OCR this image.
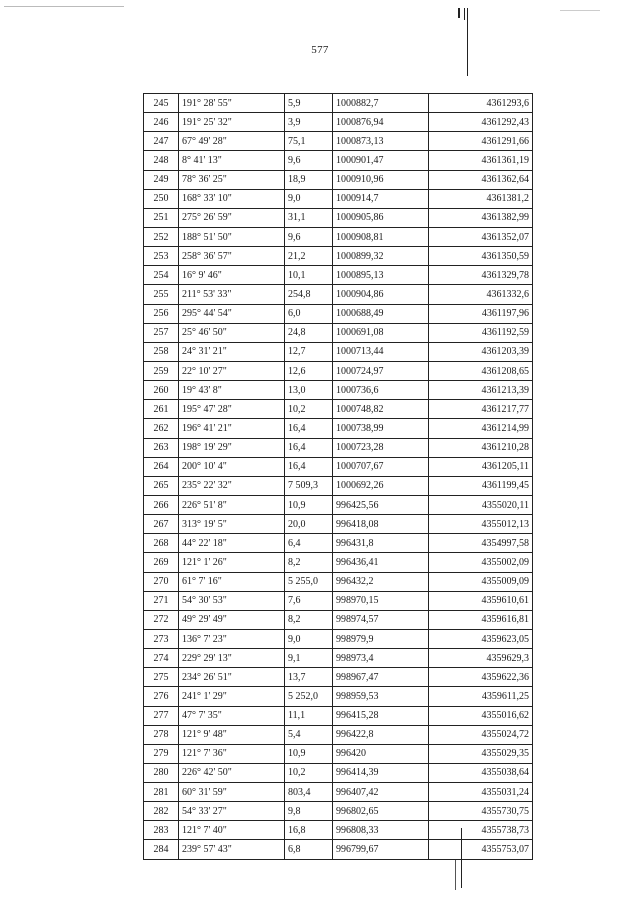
577
245	191° 28' 55"	5,9	1000882,7	4361293,6
246	191° 25' 32"	3,9	1000876,94	4361292,43
247	67° 49' 28"	75,1	1000873,13	4361291,66
248	8° 41' 13"	9,6	1000901,47	4361361,19
249	78° 36' 25"	18,9	1000910,96	4361362,64
250	168° 33' 10"	9,0	1000914,7	4361381,2
251	275° 26' 59"	31,1	1000905,86	4361382,99
252	188° 51' 50"	9,6	1000908,81	4361352,07
253	258° 36' 57"	21,2	1000899,32	4361350,59
254	16° 9' 46"	10,1	1000895,13	4361329,78
255	211° 53' 33"	254,8	1000904,86	4361332,6
256	295° 44' 54"	6,0	1000688,49	4361197,96
257	25° 46' 50"	24,8	1000691,08	4361192,59
258	24° 31' 21"	12,7	1000713,44	4361203,39
259	22° 10' 27"	12,6	1000724,97	4361208,65
260	19° 43' 8"	13,0	1000736,6	4361213,39
261	195° 47' 28"	10,2	1000748,82	4361217,77
262	196° 41' 21"	16,4	1000738,99	4361214,99
263	198° 19' 29"	16,4	1000723,28	4361210,28
264	200° 10' 4"	16,4	1000707,67	4361205,11
265	235° 22' 32"	7 509,3	1000692,26	4361199,45
266	226° 51' 8"	10,9	996425,56	4355020,11
267	313° 19' 5"	20,0	996418,08	4355012,13
268	44° 22' 18"	6,4	996431,8	4354997,58
269	121° 1' 26"	8,2	996436,41	4355002,09
270	61° 7' 16"	5 255,0	996432,2	4355009,09
271	54° 30' 53"	7,6	998970,15	4359610,61
272	49° 29' 49"	8,2	998974,57	4359616,81
273	136° 7' 23"	9,0	998979,9	4359623,05
274	229° 29' 13"	9,1	998973,4	4359629,3
275	234° 26' 51"	13,7	998967,47	4359622,36
276	241° 1' 29"	5 252,0	998959,53	4359611,25
277	47° 7' 35"	11,1	996415,28	4355016,62
278	121° 9' 48"	5,4	996422,8	4355024,72
279	121° 7' 36"	10,9	996420	4355029,35
280	226° 42' 50"	10,2	996414,39	4355038,64
281	60° 31' 59"	803,4	996407,42	4355031,24
282	54° 33' 27"	9,8	996802,65	4355730,75
283	121° 7' 40"	16,8	996808,33	4355738,73
284	239° 57' 43"	6,8	996799,67	4355753,07
